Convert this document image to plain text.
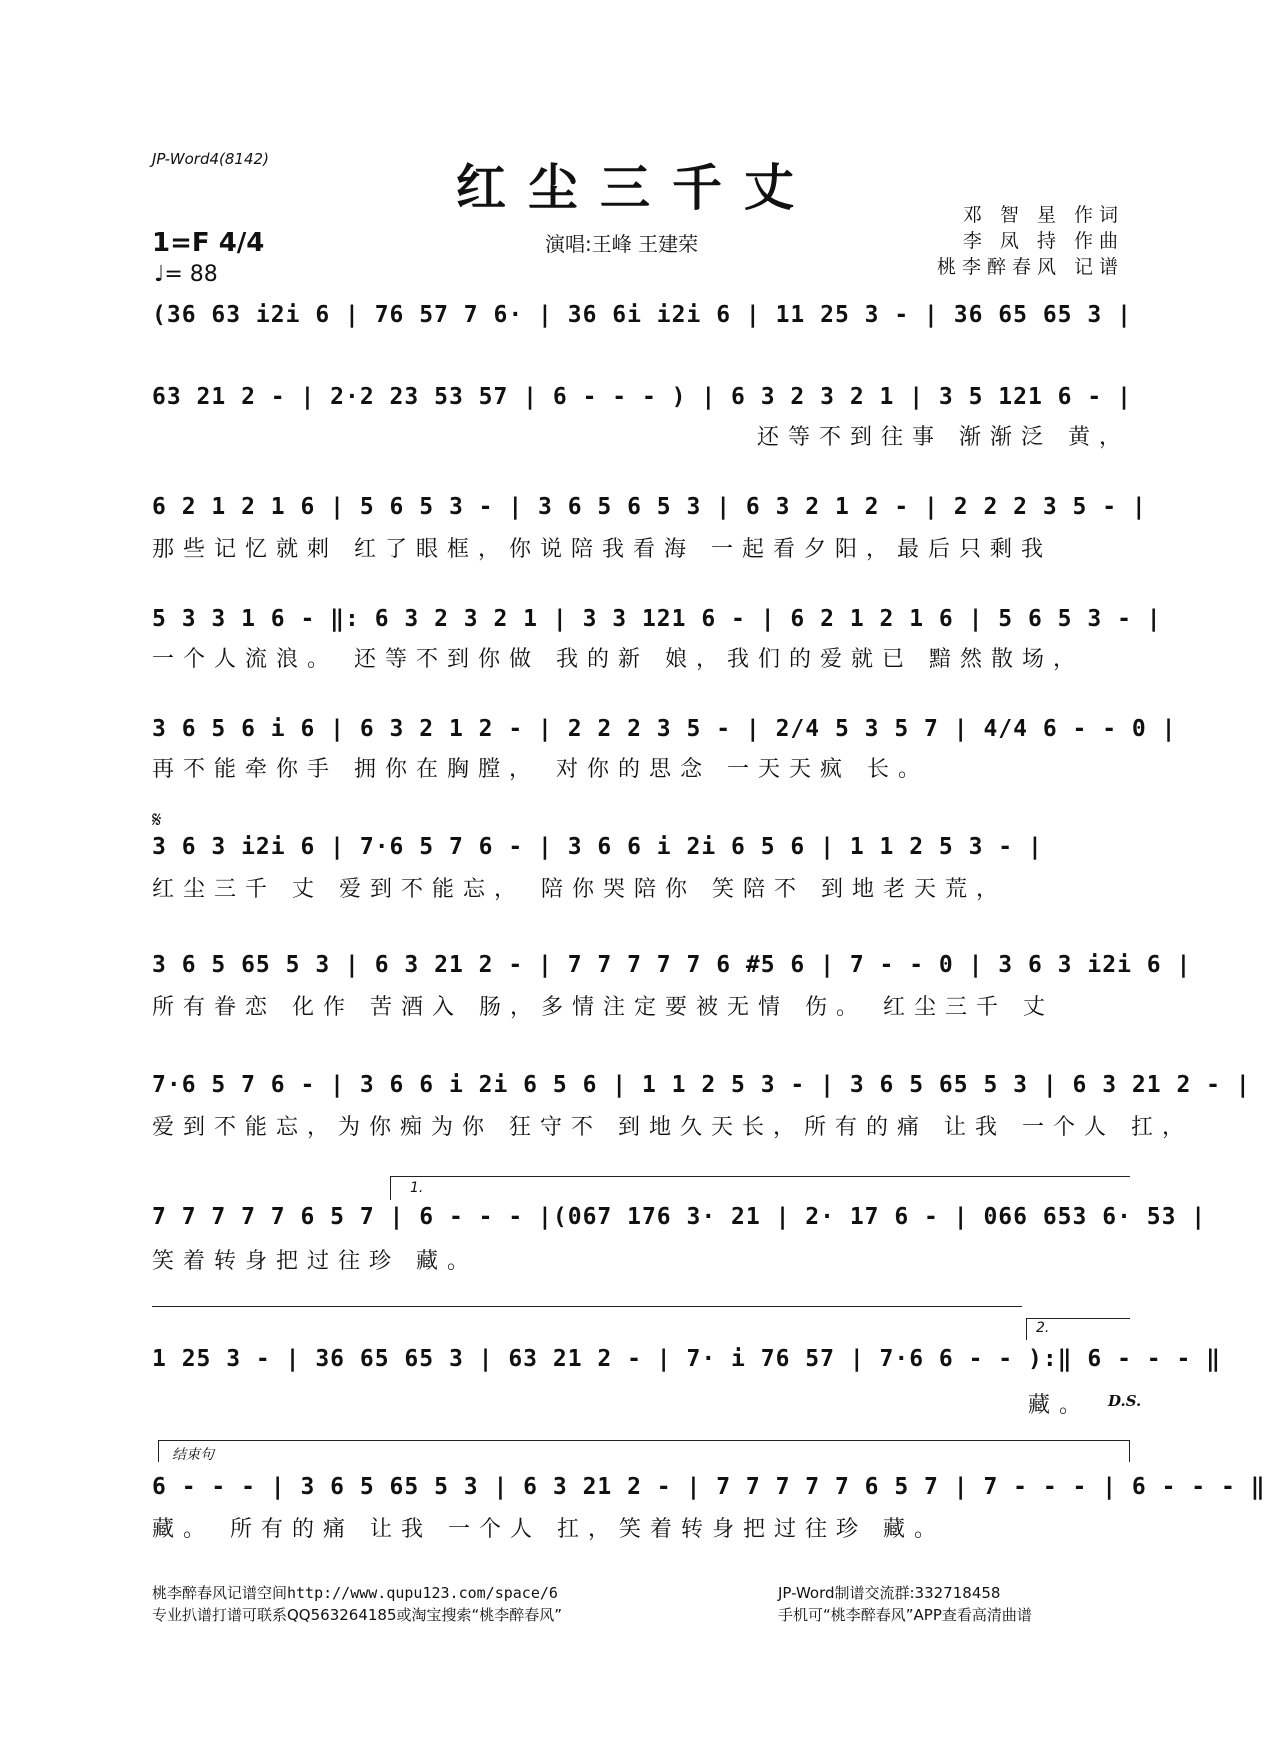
JP-Word4(8142)	红尘三千丈
1=F 4/4
♩= 88
演唱:王峰 王建荣
邓 智 星 作词
李 凤 持 作曲
桃李醉春风 记谱
(36 63 i2i 6 | 76 57 7 6· | 36 6i i2i 6 | 11 25 3 - | 36 65 65 3 |
63 21 2 - | 2·2 23 53 57 | 6 - - - ) | 6 3 2 3 2 1 | 3 5 121 6 - |
还等不到往事 渐渐泛 黄，
6 2 1 2 1 6 | 5 6 5 3 - | 3 6 5 6 5 3 | 6 3 2 1 2 - | 2 2 2 3 5 - |
那些记忆就刺 红了眼框，你说陪我看海 一起看夕阳，最后只剩我
5 3 3 1 6 - ‖: 6 3 2 3 2 1 | 3 3 121 6 - | 6 2 1 2 1 6 | 5 6 5 3 - |
一个人流浪。 还等不到你做 我的新 娘，我们的爱就已 黯然散场，
3 6 5 6 i 6 | 6 3 2 1 2 - | 2 2 2 3 5 - | 2/4 5 3 5 7 | 4/4 6 - - 0 |
再不能牵你手 拥你在胸膛， 对你的思念 一天天疯 长。
𝄋
3 6 3 i2i 6 | 7·6 5 7 6 - | 3 6 6 i 2i 6 5 6 | 1 1 2 5 3 - |
红尘三千 丈 爱到不能忘， 陪你哭陪你 笑陪不 到地老天荒，
3 6 5 65 5 3 | 6 3 21 2 - | 7 7 7 7 7 6 #5 6 | 7 - - 0 | 3 6 3 i2i 6 |
所有眷恋 化作 苦酒入 肠，多情注定要被无情 伤。 红尘三千 丈
7·6 5 7 6 - | 3 6 6 i 2i 6 5 6 | 1 1 2 5 3 - | 3 6 5 65 5 3 | 6 3 21 2 - |
爱到不能忘，为你痴为你 狂守不 到地久天长，所有的痛 让我 一个人 扛，
1.
7 7 7 7 7 6 5 7 | 6 - - - |(067 176 3· 21 | 2· 17 6 - | 066 653 6· 53 |
笑着转身把过往珍 藏。
2.
1 25 3 - | 36 65 65 3 | 63 21 2 - | 7· i 76 57 | 7·6 6 - - ):‖ 6 - - - ‖
藏。	D.S.
结束句
6 - - - | 3 6 5 65 5 3 | 6 3 21 2 - | 7 7 7 7 7 6 5 7 | 7 - - - | 6 - - - ‖
藏。 所有的痛 让我 一个人 扛，笑着转身把过往珍 藏。
桃李醉春风记谱空间http://www.qupu123.com/space/6
专业扒谱打谱可联系QQ563264185或淘宝搜索“桃李醉春风”
JP-Word制谱交流群:332718458
手机可“桃李醉春风”APP查看高清曲谱
